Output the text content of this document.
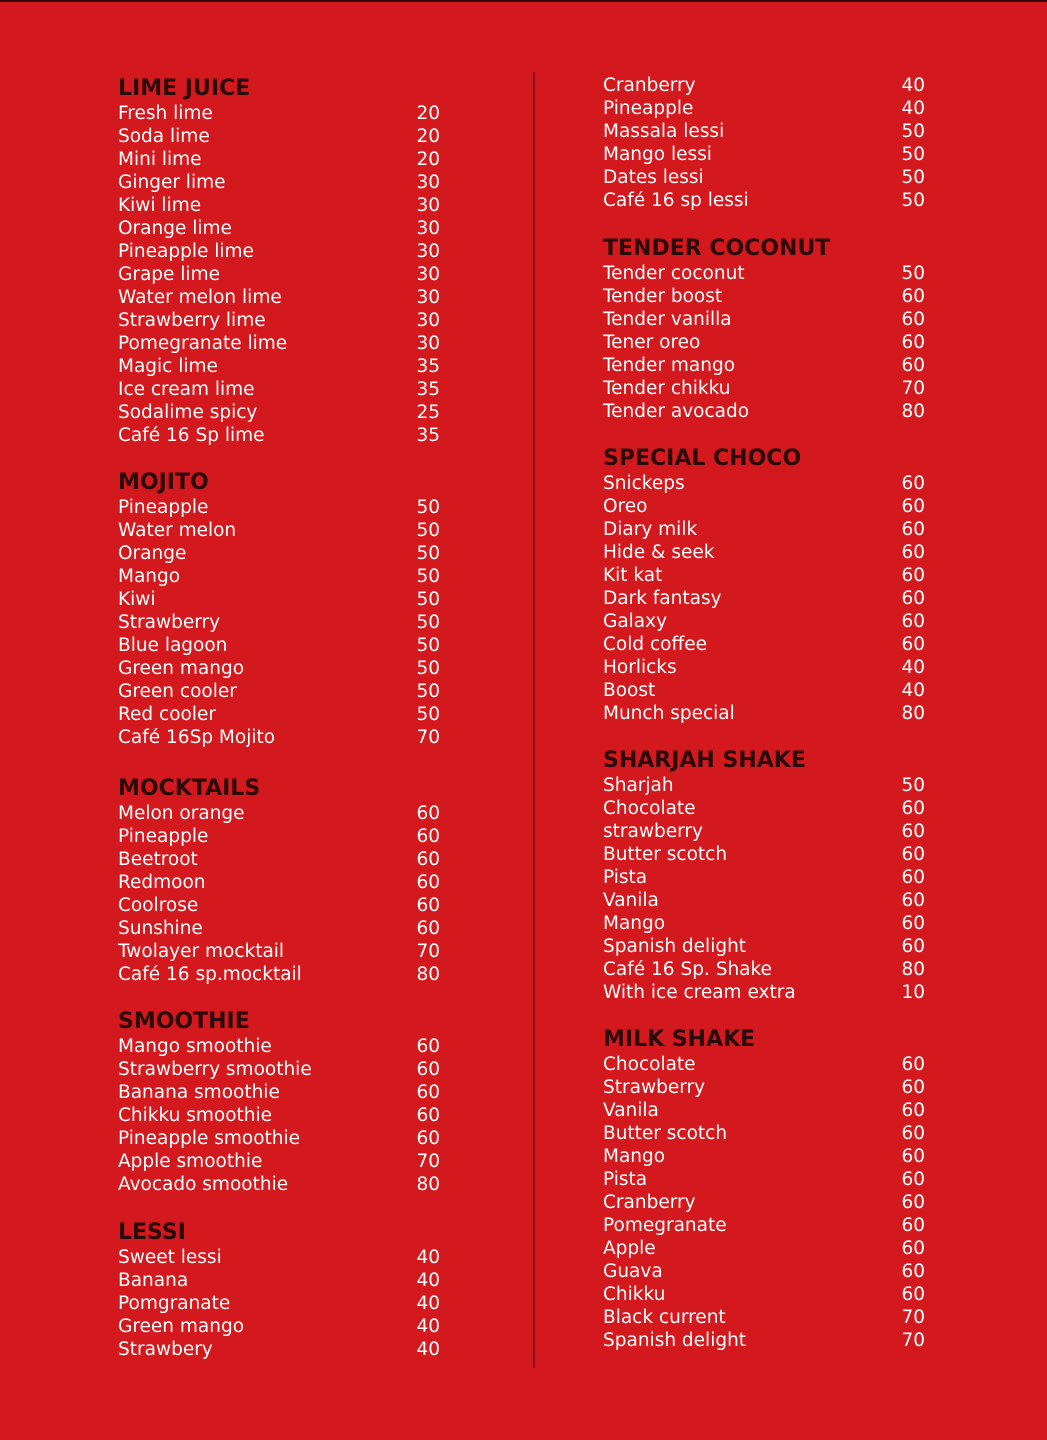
LIME JUICE
Fresh lime	20
Soda lime	20
Mini lime	20
Ginger lime	30
Kiwi lime	30
Orange lime	30
Pineapple lime	30
Grape lime	30
Water melon lime	30
Strawberry lime	30
Pomegranate lime	30
Magic lime	35
Ice cream lime	35
Sodalime spicy	25
Café 16 Sp lime	35
MOJITO
Pineapple	50
Water melon	50
Orange	50
Mango	50
Kiwi	50
Strawberry	50
Blue lagoon	50
Green mango	50
Green cooler	50
Red cooler	50
Café 16Sp Mojito	70
MOCKTAILS
Melon orange	60
Pineapple	60
Beetroot	60
Redmoon	60
Coolrose	60
Sunshine	60
Twolayer mocktail	70
Café 16 sp.mocktail	80
SMOOTHIE
Mango smoothie	60
Strawberry smoothie	60
Banana smoothie	60
Chikku smoothie	60
Pineapple smoothie	60
Apple smoothie	70
Avocado smoothie	80
LESSI
Sweet lessi	40
Banana	40
Pomgranate	40
Green mango	40
Strawbery	40
Cranberry	40
Pineapple	40
Massala lessi	50
Mango lessi	50
Dates lessi	50
Café 16 sp lessi	50
TENDER COCONUT
Tender coconut	50
Tender boost	60
Tender vanilla	60
Tener oreo	60
Tender mango	60
Tender chikku	70
Tender avocado	80
SPECIAL CHOCO
Snickeps	60
Oreo	60
Diary milk	60
Hide & seek	60
Kit kat	60
Dark fantasy	60
Galaxy	60
Cold coffee	60
Horlicks	40
Boost	40
Munch special	80
SHARJAH SHAKE
Sharjah	50
Chocolate	60
strawberry	60
Butter scotch	60
Pista	60
Vanila	60
Mango	60
Spanish delight	60
Café 16 Sp. Shake	80
With ice cream extra	10
MILK SHAKE
Chocolate	60
Strawberry	60
Vanila	60
Butter scotch	60
Mango	60
Pista	60
Cranberry	60
Pomegranate	60
Apple	60
Guava	60
Chikku	60
Black current	70
Spanish delight	70
